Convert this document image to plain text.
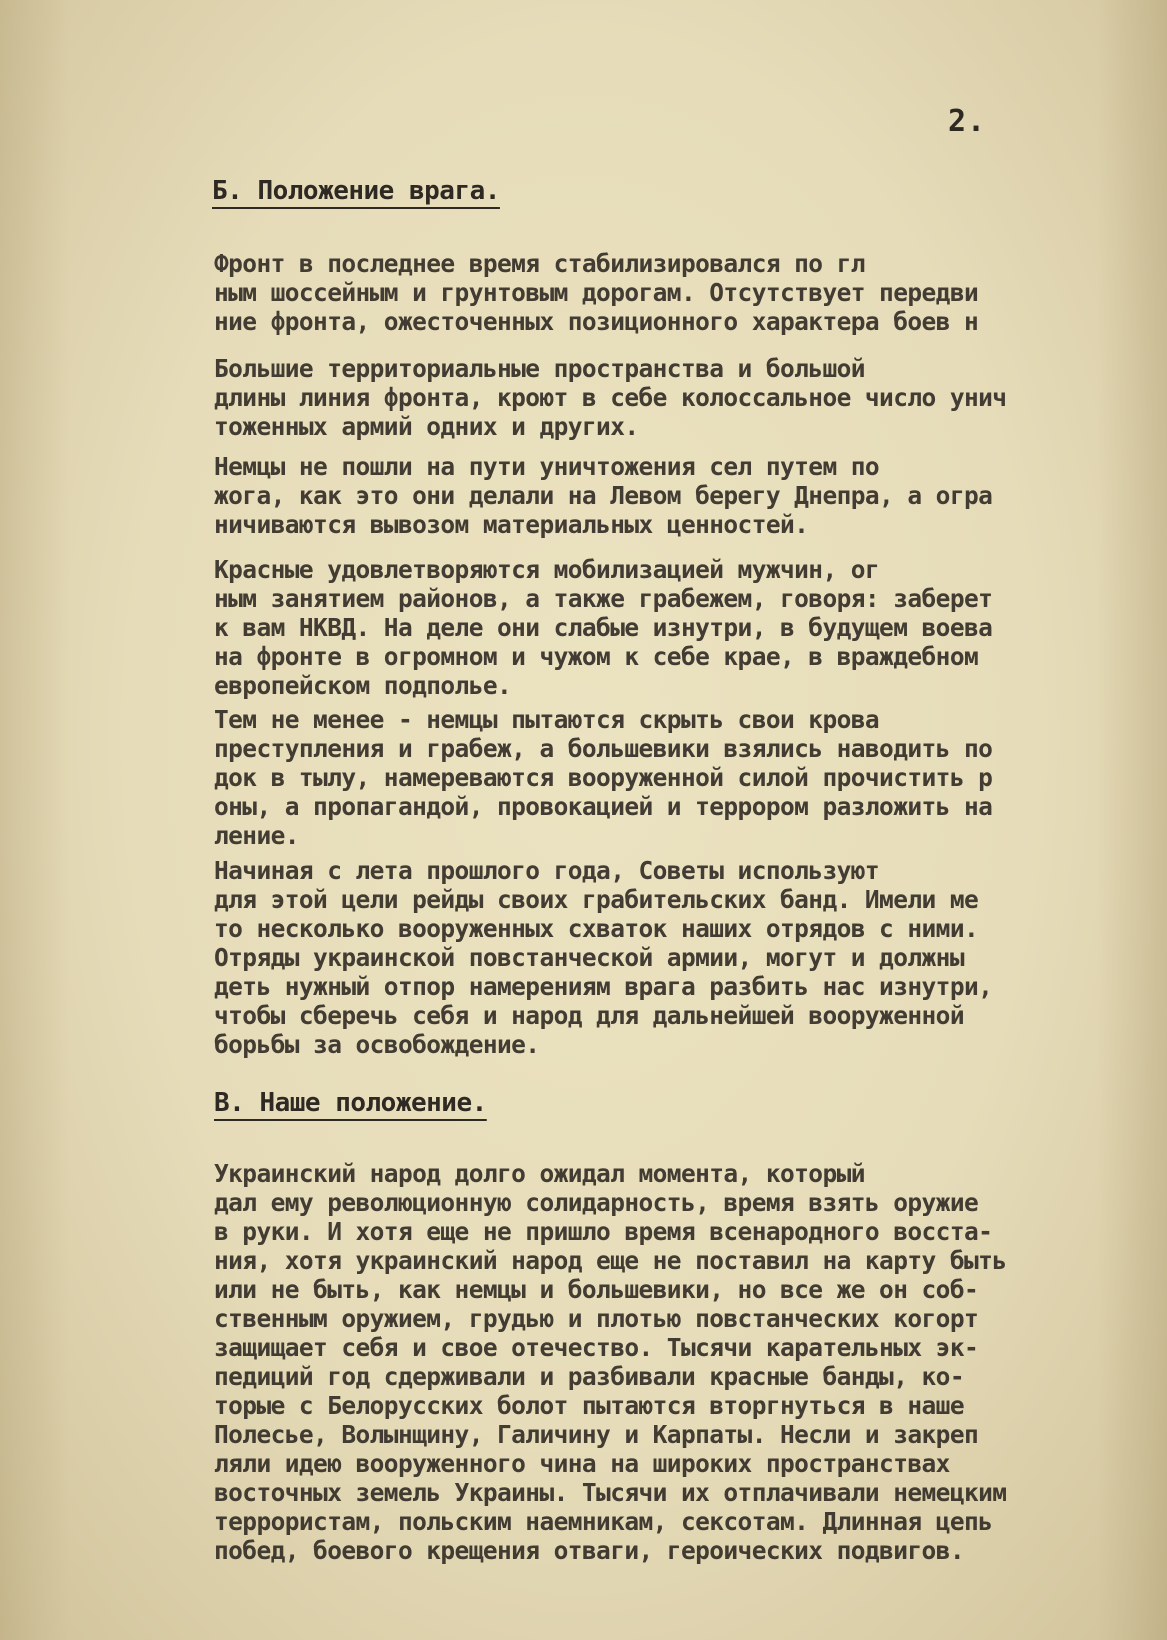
2.
Б. Положение врага.
Фронт в последнее время стабилизировался по гл
ным шоссейным и грунтовым дорогам. Отсутствует передви
ние фронта, ожесточенных позиционного характера боев н
Большие территориальные пространства и большой
длины линия фронта, кроют в себе колоссальное число унич
тоженных армий одних и других.
Немцы не пошли на пути уничтожения сел путем по
жога, как это они делали на Левом берегу Днепра, а огра
ничиваются вывозом материальных ценностей.
Красные удовлетворяются мобилизацией мужчин, ог
ным занятием районов, а также грабежем, говоря: заберет
к вам НКВД. На деле они слабые изнутри, в будущем воева
на фронте в огромном и чужом к себе крае, в враждебном
европейском подполье.
Тем не менее - немцы пытаются скрыть свои крова
преступления и грабеж, а большевики взялись наводить по
док в тылу, намереваются вооруженной силой прочистить р
оны, а пропагандой, провокацией и террором разложить на
ление.
Начиная с лета прошлого года, Советы используют
для этой цели рейды своих грабительских банд. Имели ме
то несколько вооруженных схваток наших отрядов с ними.
Отряды украинской повстанческой армии, могут и должны
деть нужный отпор намерениям врага разбить нас изнутри,
чтобы сберечь себя и народ для дальнейшей вооруженной
борьбы за освобождение.
В. Наше положение.
Украинский народ долго ожидал момента, который
дал ему революционную солидарность, время взять оружие
в руки. И хотя еще не пришло время всенародного восста-
ния, хотя украинский народ еще не поставил на карту быть
или не быть, как немцы и большевики, но все же он соб-
ственным оружием, грудью и плотью повстанческих когорт
защищает себя и свое отечество. Тысячи карательных эк-
педиций год сдерживали и разбивали красные банды, ко-
торые с Белорусских болот пытаются вторгнуться в наше
Полесье, Волынщину, Галичину и Карпаты. Несли и закреп
ляли идею вооруженного чина на широких пространствах
восточных земель Украины. Тысячи их отплачивали немецким
террористам, польским наемникам, сексотам. Длинная цепь
побед, боевого крещения отваги, героических подвигов.
